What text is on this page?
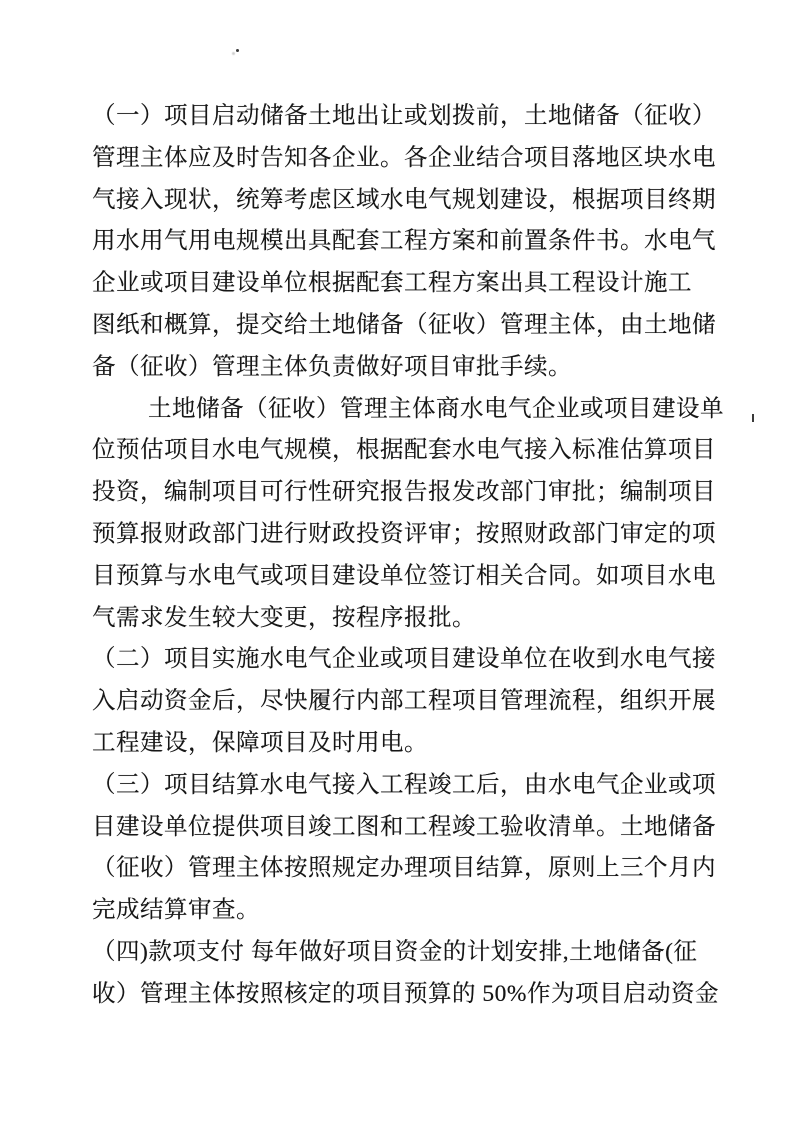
（一）项目启动储备土地出让或划拨前，土地储备（征收）
管理主体应及时告知各企业。各企业结合项目落地区块水电
气接入现状，统筹考虑区域水电气规划建设，根据项目终期
用水用气用电规模出具配套工程方案和前置条件书。水电气
企业或项目建设单位根据配套工程方案出具工程设计施工
图纸和概算，提交给土地储备（征收）管理主体，由土地储
备（征收）管理主体负责做好项目审批手续。
土地储备（征收）管理主体商水电气企业或项目建设单
位预估项目水电气规模，根据配套水电气接入标准估算项目
投资，编制项目可行性研究报告报发改部门审批；编制项目
预算报财政部门进行财政投资评审；按照财政部门审定的项
目预算与水电气或项目建设单位签订相关合同。如项目水电
气需求发生较大变更，按程序报批。
（二）项目实施水电气企业或项目建设单位在收到水电气接
入启动资金后，尽快履行内部工程项目管理流程，组织开展
工程建设，保障项目及时用电。
（三）项目结算水电气接入工程竣工后，由水电气企业或项
目建设单位提供项目竣工图和工程竣工验收清单。土地储备
（征收）管理主体按照规定办理项目结算，原则上三个月内
完成结算审查。
（四)款项支付 每年做好项目资金的计划安排,土地储备(征
收）管理主体按照核定的项目预算的 50%作为项目启动资金
